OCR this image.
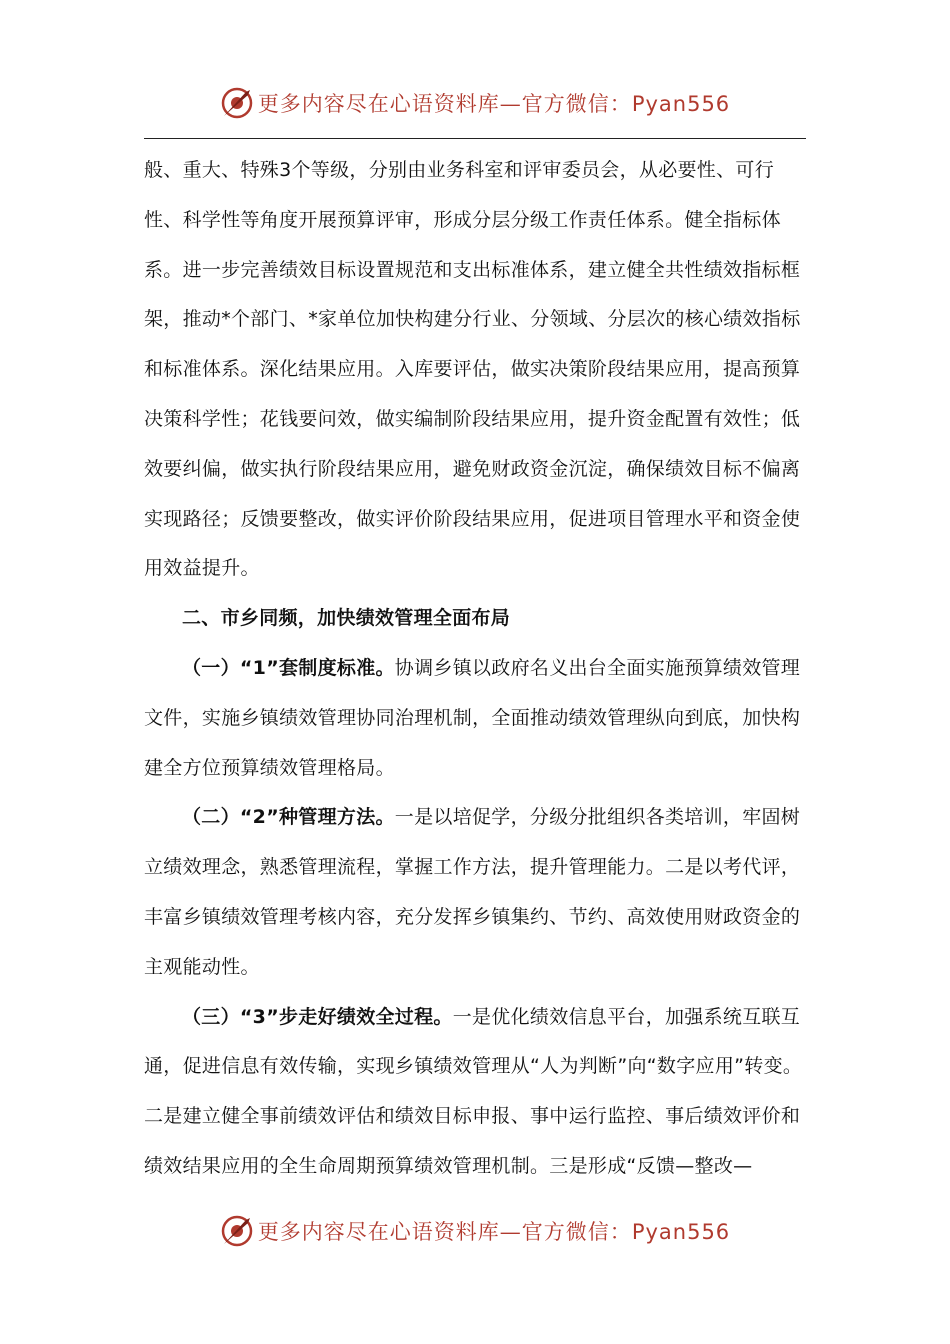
更多内容尽在心语资料库—官方微信：Pyan556

般、重大、特殊3个等级，分别由业务科室和评审委员会，从必要性、可行性、科学性等角度开展预算评审，形成分层分级工作责任体系。健全指标体系。进一步完善绩效目标设置规范和支出标准体系，建立健全共性绩效指标框架，推动*个部门、*家单位加快构建分行业、分领域、分层次的核心绩效指标和标准体系。深化结果应用。入库要评估，做实决策阶段结果应用，提高预算决策科学性；花钱要问效，做实编制阶段结果应用，提升资金配置有效性；低效要纠偏，做实执行阶段结果应用，避免财政资金沉淀，确保绩效目标不偏离实现路径；反馈要整改，做实评价阶段结果应用，促进项目管理水平和资金使用效益提升。

二、市乡同频，加快绩效管理全面布局

（一）“1”套制度标准。协调乡镇以政府名义出台全面实施预算绩效管理文件，实施乡镇绩效管理协同治理机制，全面推动绩效管理纵向到底，加快构建全方位预算绩效管理格局。

（二）“2”种管理方法。一是以培促学，分级分批组织各类培训，牢固树立绩效理念，熟悉管理流程，掌握工作方法，提升管理能力。二是以考代评，丰富乡镇绩效管理考核内容，充分发挥乡镇集约、节约、高效使用财政资金的主观能动性。

（三）“3”步走好绩效全过程。一是优化绩效信息平台，加强系统互联互通，促进信息有效传输，实现乡镇绩效管理从“人为判断”向“数字应用”转变。二是建立健全事前绩效评估和绩效目标申报、事中运行监控、事后绩效评价和绩效结果应用的全生命周期预算绩效管理机制。三是形成“反馈—整改—

更多内容尽在心语资料库—官方微信：Pyan556
